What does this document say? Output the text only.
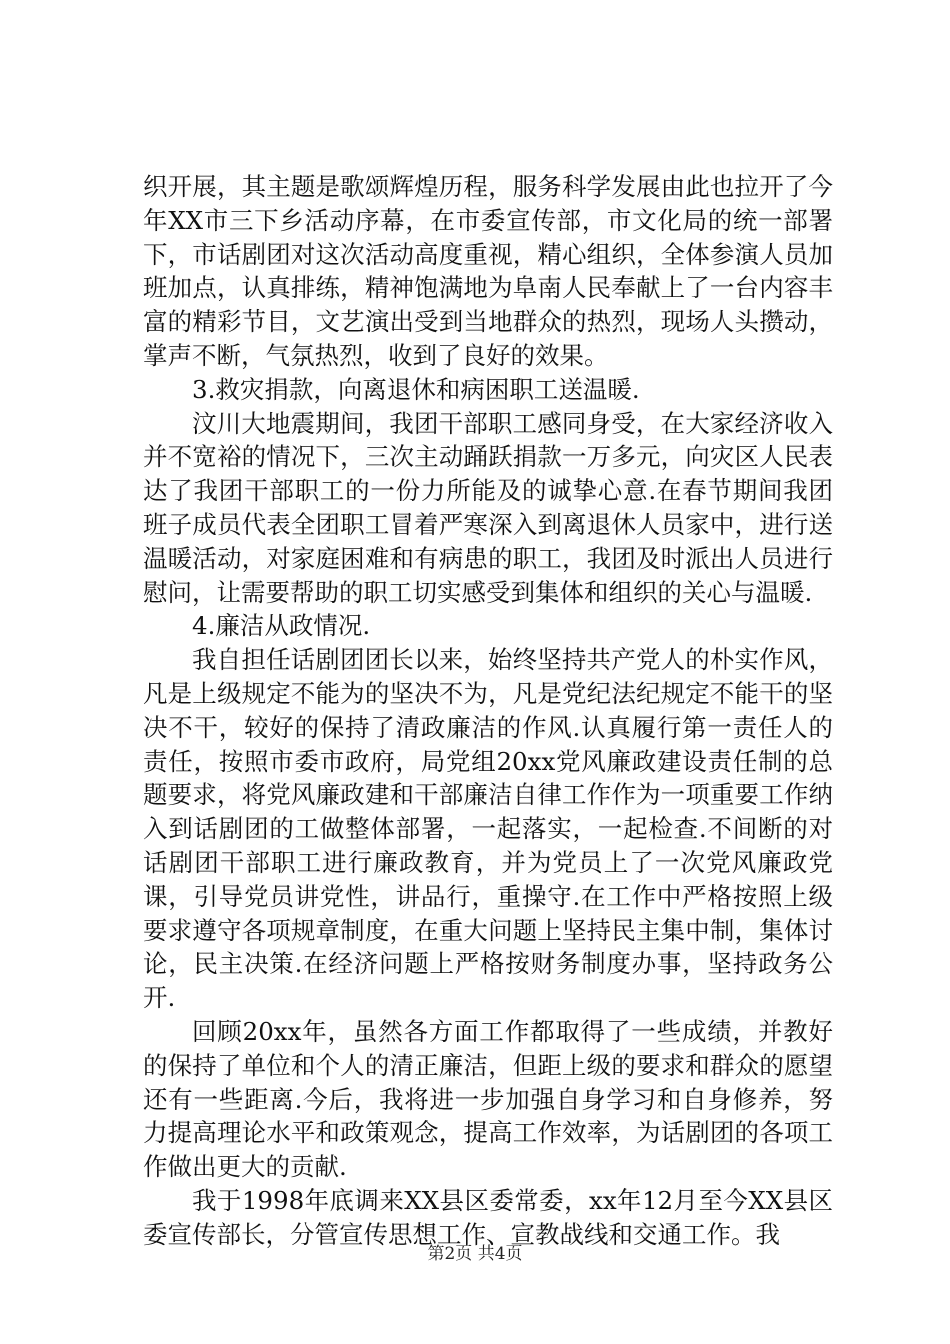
织开展，其主题是歌颂辉煌历程，服务科学发展由此也拉开了今年XX市三下乡活动序幕，在市委宣传部，市文化局的统一部署下，市话剧团对这次活动高度重视，精心组织，全体参演人员加班加点，认真排练，精神饱满地为阜南人民奉献上了一台内容丰富的精彩节目，文艺演出受到当地群众的热烈，现场人头攒动，掌声不断，气氛热烈，收到了良好的效果。

3.救灾捐款，向离退休和病困职工送温暖.

汶川大地震期间，我团干部职工感同身受，在大家经济收入并不宽裕的情况下，三次主动踊跃捐款一万多元，向灾区人民表达了我团干部职工的一份力所能及的诚挚心意.在春节期间我团班子成员代表全团职工冒着严寒深入到离退休人员家中，进行送温暖活动，对家庭困难和有病患的职工，我团及时派出人员进行慰问，让需要帮助的职工切实感受到集体和组织的关心与温暖.

4.廉洁从政情况.

我自担任话剧团团长以来，始终坚持共产党人的朴实作风，凡是上级规定不能为的坚决不为，凡是党纪法纪规定不能干的坚决不干，较好的保持了清政廉洁的作风.认真履行第一责任人的责任，按照市委市政府，局党组20xx党风廉政建设责任制的总题要求，将党风廉政建和干部廉洁自律工作作为一项重要工作纳入到话剧团的工做整体部署，一起落实，一起检查.不间断的对话剧团干部职工进行廉政教育，并为党员上了一次党风廉政党课，引导党员讲党性，讲品行，重操守.在工作中严格按照上级要求遵守各项规章制度，在重大问题上坚持民主集中制，集体讨论，民主决策.在经济问题上严格按财务制度办事，坚持政务公开.

回顾20xx年，虽然各方面工作都取得了一些成绩，并教好的保持了单位和个人的清正廉洁，但距上级的要求和群众的愿望还有一些距离.今后，我将进一步加强自身学习和自身修养，努力提高理论水平和政策观念，提高工作效率，为话剧团的各项工作做出更大的贡献.

我于1998年底调来XX县区委常委，xx年12月至今XX县区委宣传部长，分管宣传思想工作、宣教战线和交通工作。我

第2页 共4页
